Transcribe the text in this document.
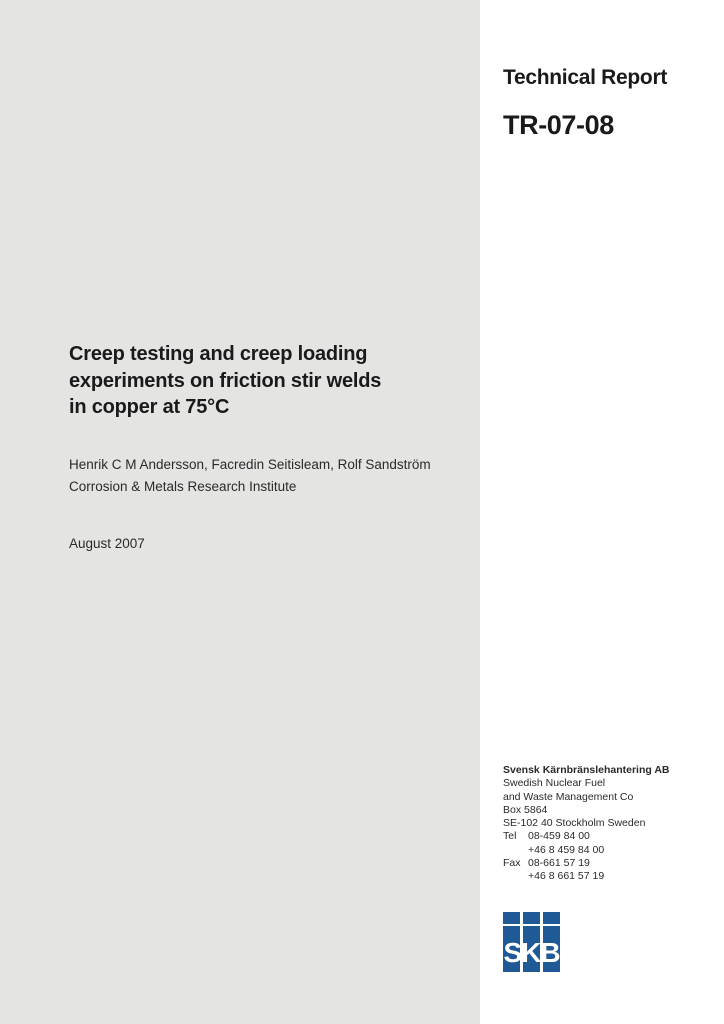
Technical Report
TR-07-08
Creep testing and creep loading
experiments on friction stir welds
in copper at 75°C
Henrik C M Andersson, Facredin Seitisleam, Rolf Sandström
Corrosion & Metals Research Institute
August 2007
Svensk Kärnbränslehantering AB
Swedish Nuclear Fuel
and Waste Management Co
Box 5864
SE-102 40 Stockholm Sweden
Tel 08-459 84 00
+46 8 459 84 00
Fax 08-661 57 19
+46 8 661 57 19
SKB
